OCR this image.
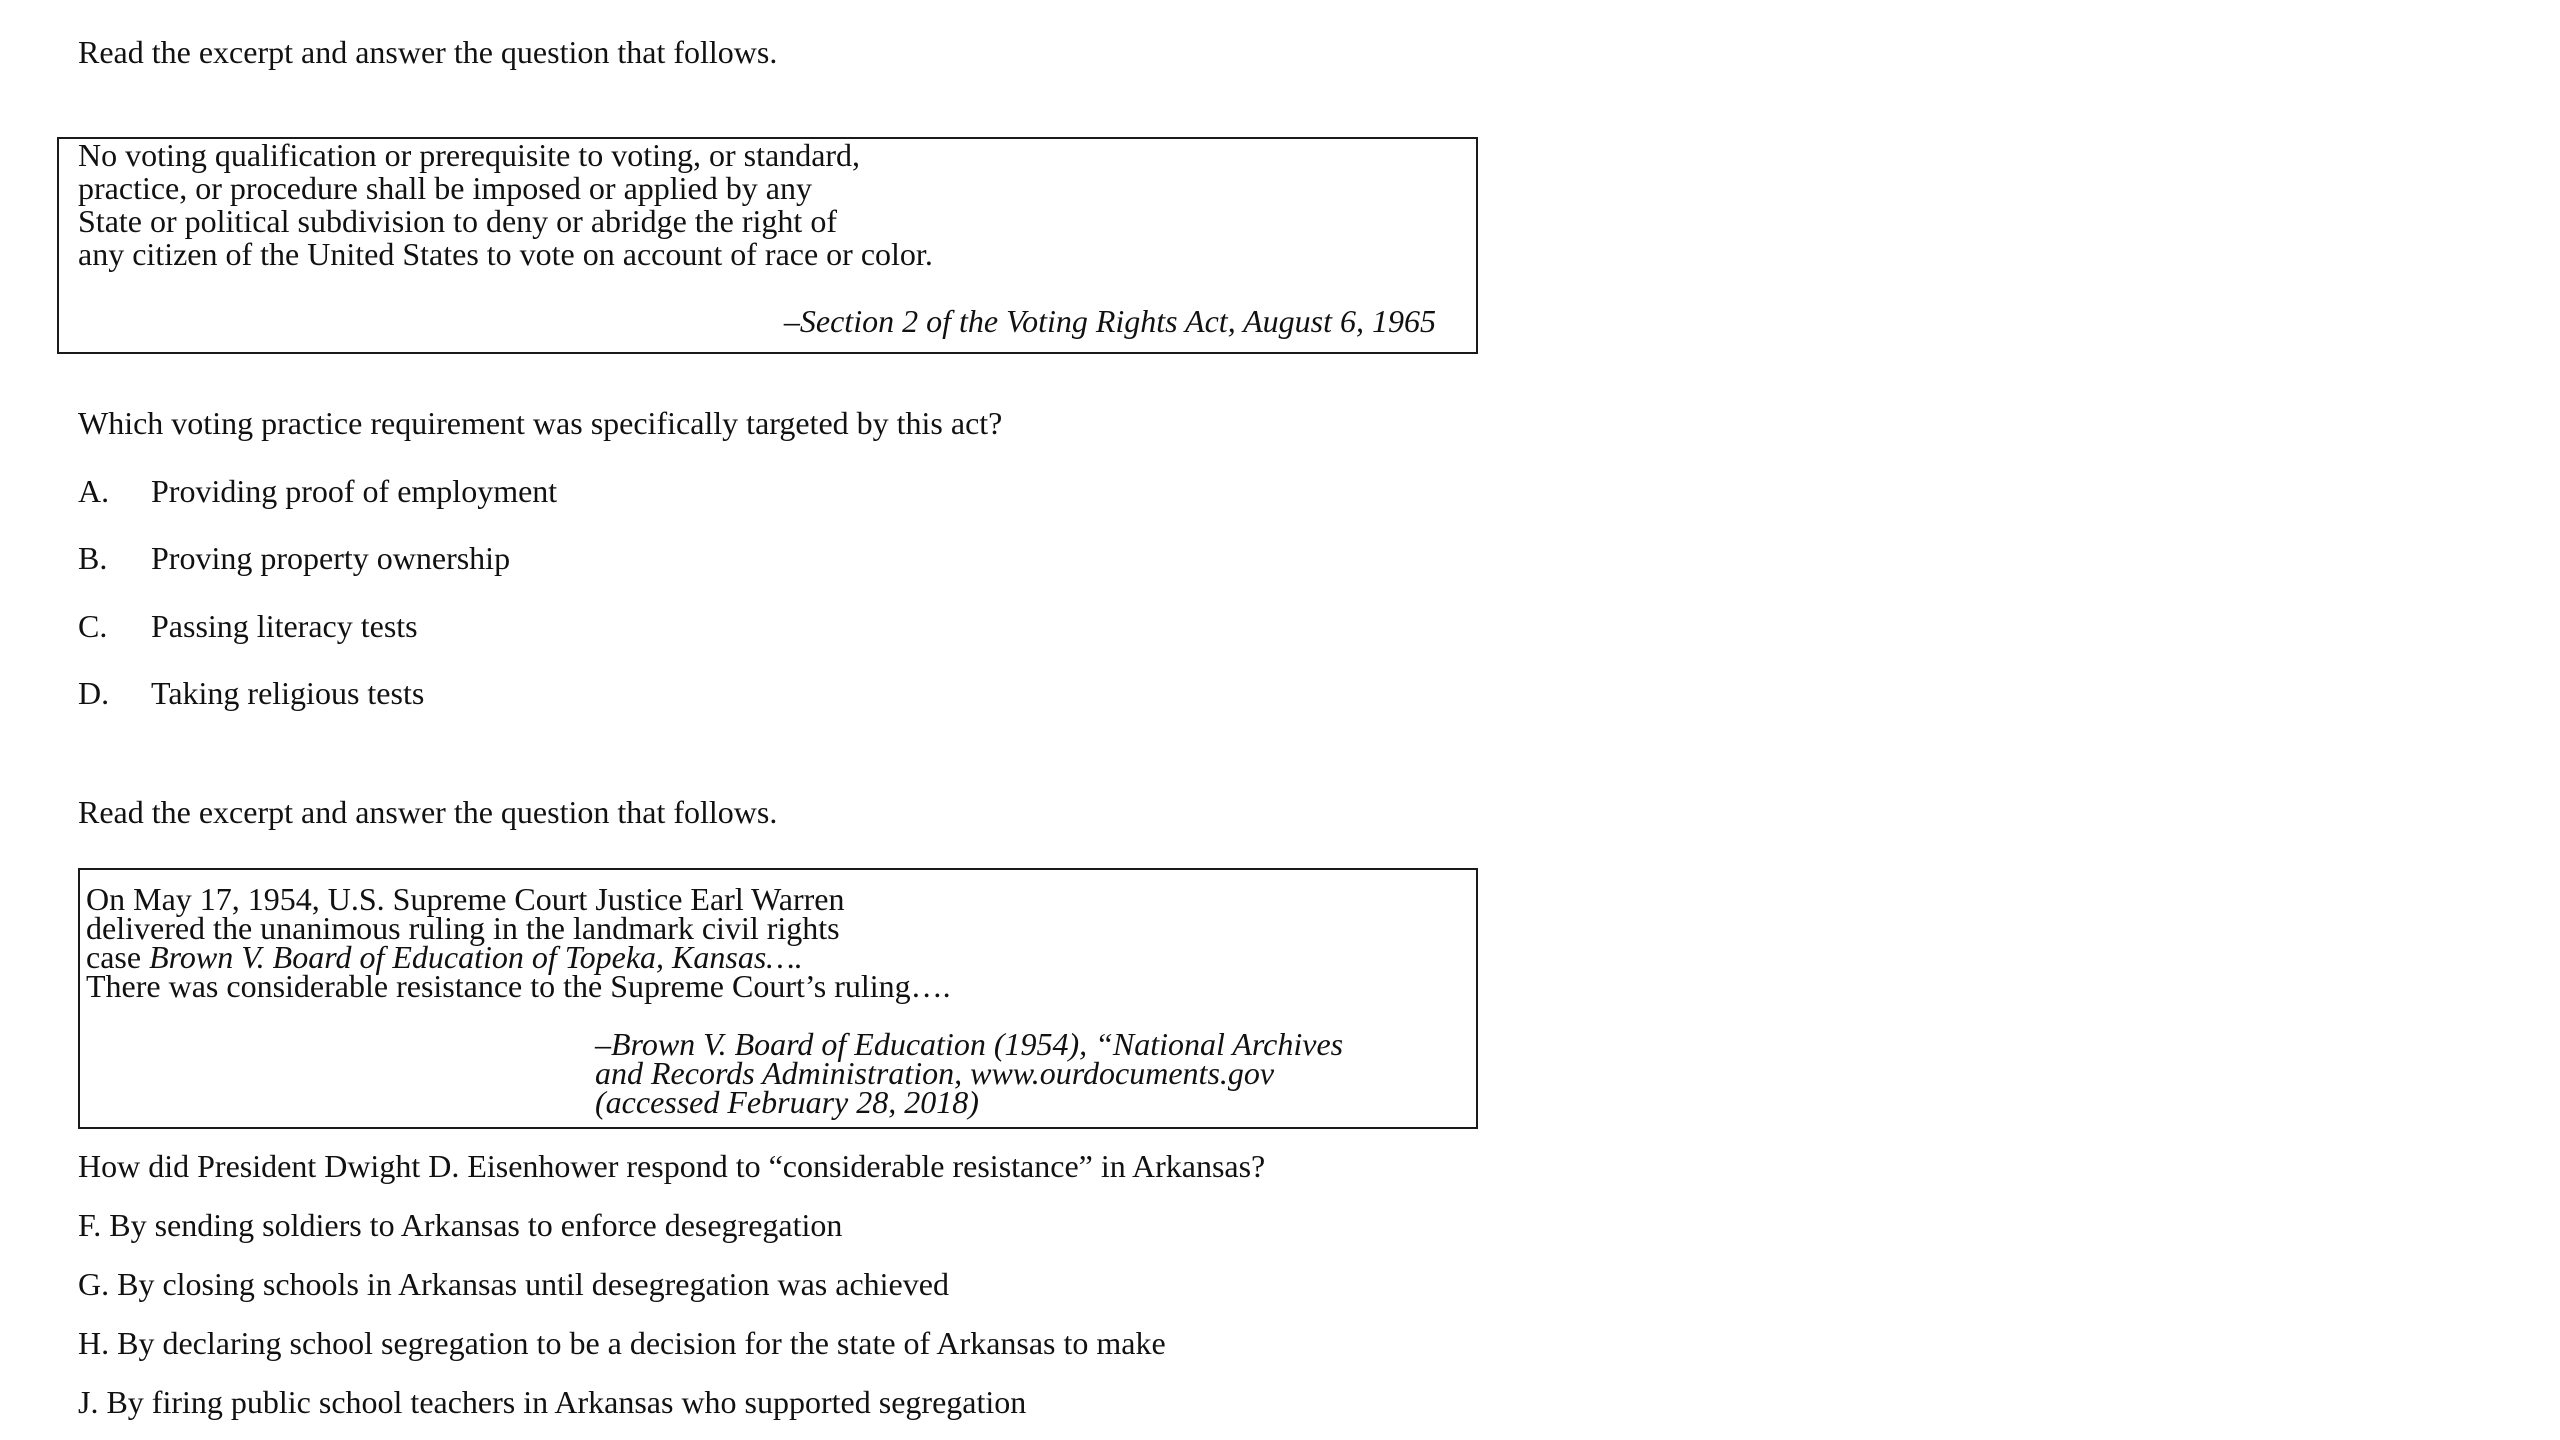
Read the excerpt and answer the question that follows.
No voting qualification or prerequisite to voting, or standard,
practice, or procedure shall be imposed or applied by any
State or political subdivision to deny or abridge the right of
any citizen of the United States to vote on account of race or color.
–Section 2 of the Voting Rights Act, August 6, 1965
Which voting practice requirement was specifically targeted by this act?
A. Providing proof of employment
B. Proving property ownership
C. Passing literacy tests
D. Taking religious tests
Read the excerpt and answer the question that follows.
On May 17, 1954, U.S. Supreme Court Justice Earl Warren
delivered the unanimous ruling in the landmark civil rights
case Brown V. Board of Education of Topeka, Kansas….
There was considerable resistance to the Supreme Court’s ruling….
–Brown V. Board of Education (1954), “National Archives
and Records Administration, www.ourdocuments.gov
(accessed February 28, 2018)
How did President Dwight D. Eisenhower respond to “considerable resistance” in Arkansas?
F. By sending soldiers to Arkansas to enforce desegregation
G. By closing schools in Arkansas until desegregation was achieved
H. By declaring school segregation to be a decision for the state of Arkansas to make
J. By firing public school teachers in Arkansas who supported segregation
